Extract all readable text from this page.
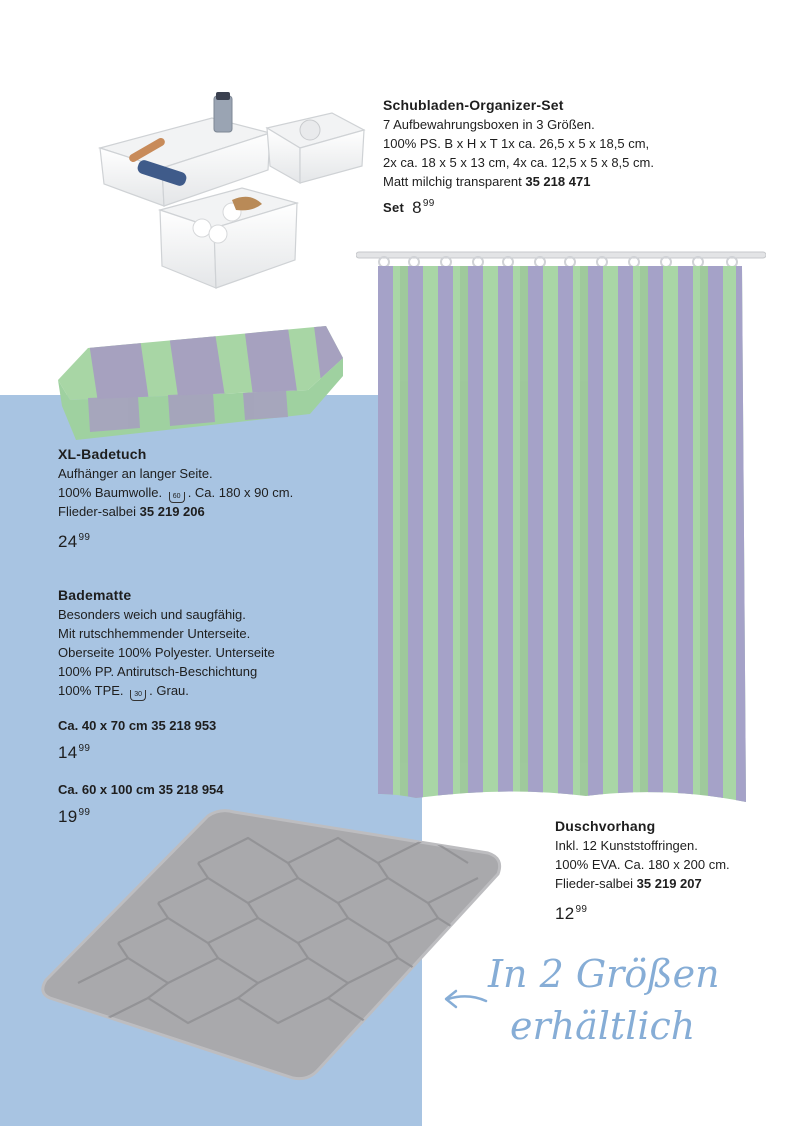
Schubladen-Organizer-Set
7 Aufbewahrungsboxen in 3 Größen.
100% PS. B x H x T 1x ca. 26,5 x 5 x 18,5 cm,
2x ca. 18 x 5 x 13 cm, 4x ca. 12,5 x 5 x 8,5 cm.
Matt milchig transparent 35 218 471
Set $8^{99}$
XL-Badetuch
Aufhänger an langer Seite.
100% Baumwolle. 60 . Ca. 180 x 90 cm.
Flieder-salbei 35 219 206
$24^{99}$
Badematte
Besonders weich und saugfähig.
Mit rutschhemmender Unterseite.
Oberseite 100% Polyester. Unterseite
100% PP. Antirutsch-Beschichtung
100% TPE. 30 . Grau.
Ca. 40 x 70 cm 35 218 953
$14^{99}$
Ca. 60 x 100 cm 35 218 954
$19^{99}$
Duschvorhang
Inkl. 12 Kunststoffringen.
100% EVA. Ca. 180 x 200 cm.
Flieder-salbei 35 219 207
$12^{99}$
In 2 Größen
erhältlich
